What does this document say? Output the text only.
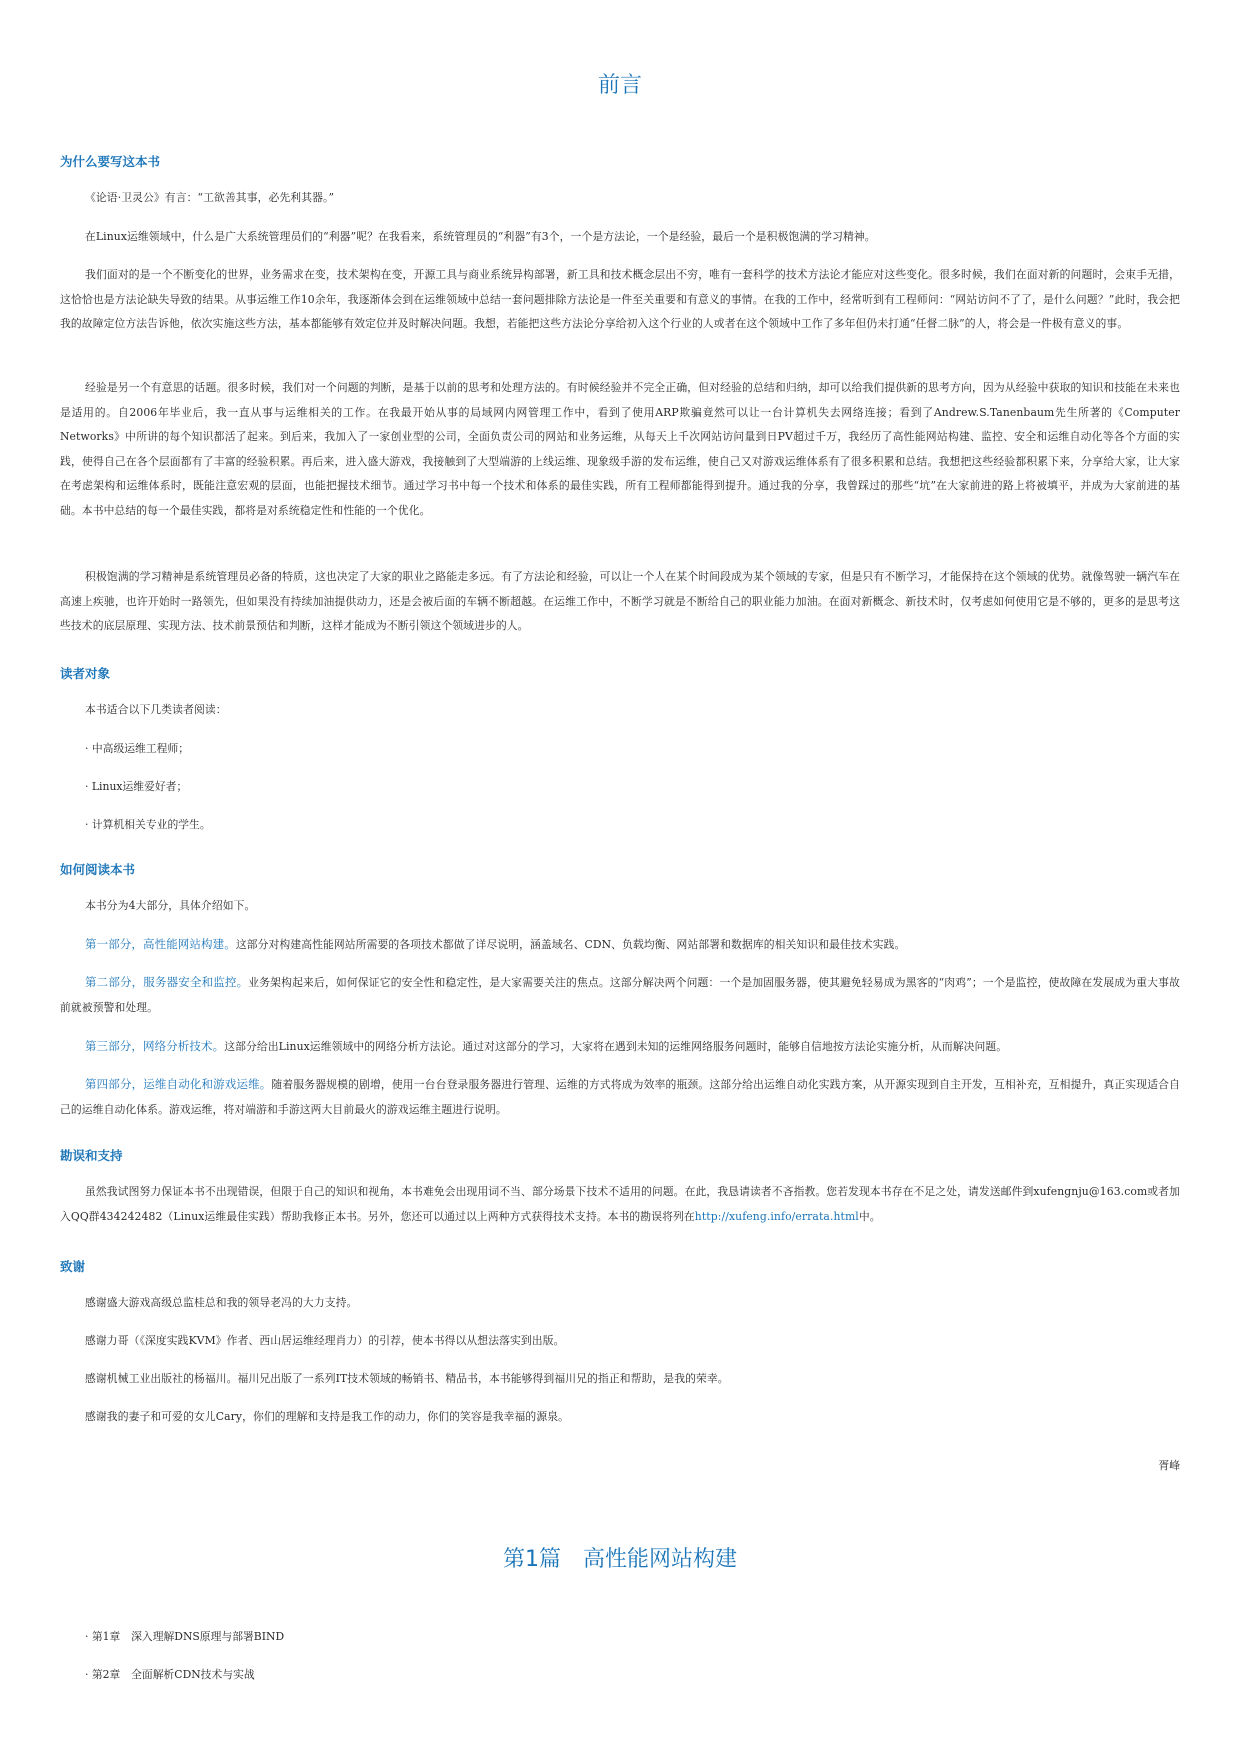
前言
为什么要写这本书

《论语·卫灵公》有言：“工欲善其事，必先利其器。”

在Linux运维领域中，什么是广大系统管理员们的“利器”呢？在我看来，系统管理员的“利器”有3个，一个是方法论，一个是经验，最后一个是积极饱满的学习精神。

我们面对的是一个不断变化的世界，业务需求在变，技术架构在变，开源工具与商业系统异构部署，新工具和技术概念层出不穷，唯有一套科学的技术方法论才能应对这些变化。很多时候，我们在面对新的问题时，会束手无措，这恰恰也是方法论缺失导致的结果。从事运维工作10余年，我逐渐体会到在运维领域中总结一套问题排除方法论是一件至关重要和有意义的事情。在我的工作中，经常听到有工程师问：“网站访问不了了，是什么问题？”此时，我会把我的故障定位方法告诉他，依次实施这些方法，基本都能够有效定位并及时解决问题。我想，若能把这些方法论分享给初入这个行业的人或者在这个领域中工作了多年但仍未打通“任督二脉”的人，将会是一件极有意义的事。

经验是另一个有意思的话题。很多时候，我们对一个问题的判断，是基于以前的思考和处理方法的。有时候经验并不完全正确，但对经验的总结和归纳，却可以给我们提供新的思考方向，因为从经验中获取的知识和技能在未来也是适用的。自2006年毕业后，我一直从事与运维相关的工作。在我最开始从事的局域网内网管理工作中，看到了使用ARP欺骗竟然可以让一台计算机失去网络连接；看到了Andrew.S.Tanenbaum先生所著的《Computer Networks》中所讲的每个知识都活了起来。到后来，我加入了一家创业型的公司，全面负责公司的网站和业务运维，从每天上千次网站访问量到日PV超过千万，我经历了高性能网站构建、监控、安全和运维自动化等各个方面的实践，使得自己在各个层面都有了丰富的经验积累。再后来，进入盛大游戏，我接触到了大型端游的上线运维、现象级手游的发布运维，使自己又对游戏运维体系有了很多积累和总结。我想把这些经验都积累下来，分享给大家，让大家在考虑架构和运维体系时，既能注意宏观的层面，也能把握技术细节。通过学习书中每一个技术和体系的最佳实践，所有工程师都能得到提升。通过我的分享，我曾踩过的那些“坑”在大家前进的路上将被填平，并成为大家前进的基础。本书中总结的每一个最佳实践，都将是对系统稳定性和性能的一个优化。

积极饱满的学习精神是系统管理员必备的特质，这也决定了大家的职业之路能走多远。有了方法论和经验，可以让一个人在某个时间段成为某个领域的专家，但是只有不断学习，才能保持在这个领域的优势。就像驾驶一辆汽车在高速上疾驰，也许开始时一路领先，但如果没有持续加油提供动力，还是会被后面的车辆不断超越。在运维工作中，不断学习就是不断给自己的职业能力加油。在面对新概念、新技术时，仅考虑如何使用它是不够的，更多的是思考这些技术的底层原理、实现方法、技术前景预估和判断，这样才能成为不断引领这个领域进步的人。

读者对象

本书适合以下几类读者阅读：

· 中高级运维工程师；

· Linux运维爱好者；

· 计算机相关专业的学生。

如何阅读本书

本书分为4大部分，具体介绍如下。

第一部分，高性能网站构建。这部分对构建高性能网站所需要的各项技术都做了详尽说明，涵盖域名、CDN、负载均衡、网站部署和数据库的相关知识和最佳技术实践。

第二部分，服务器安全和监控。业务架构起来后，如何保证它的安全性和稳定性，是大家需要关注的焦点。这部分解决两个问题：一个是加固服务器，使其避免轻易成为黑客的“肉鸡”；一个是监控，使故障在发展成为重大事故前就被预警和处理。

第三部分，网络分析技术。这部分给出Linux运维领域中的网络分析方法论。通过对这部分的学习，大家将在遇到未知的运维网络服务问题时，能够自信地按方法论实施分析，从而解决问题。

第四部分，运维自动化和游戏运维。随着服务器规模的剧增，使用一台台登录服务器进行管理、运维的方式将成为效率的瓶颈。这部分给出运维自动化实践方案，从开源实现到自主开发，互相补充，互相提升，真正实现适合自己的运维自动化体系。游戏运维，将对端游和手游这两大目前最火的游戏运维主题进行说明。

勘误和支持

虽然我试图努力保证本书不出现错误，但限于自己的知识和视角，本书难免会出现用词不当、部分场景下技术不适用的问题。在此，我恳请读者不吝指教。您若发现本书存在不足之处，请发送邮件到xufengnju@163.com或者加入QQ群434242482（Linux运维最佳实践）帮助我修正本书。另外，您还可以通过以上两种方式获得技术支持。本书的勘误将列在http://xufeng.info/errata.html中。

致谢

感谢盛大游戏高级总监桂总和我的领导老冯的大力支持。

感谢力哥（《深度实践KVM》作者、西山居运维经理肖力）的引荐，使本书得以从想法落实到出版。

感谢机械工业出版社的杨福川。福川兄出版了一系列IT技术领域的畅销书、精品书，本书能够得到福川兄的指正和帮助，是我的荣幸。

感谢我的妻子和可爱的女儿Cary，你们的理解和支持是我工作的动力，你们的笑容是我幸福的源泉。

胥峰
第1篇　高性能网站构建

· 第1章　深入理解DNS原理与部署BIND

· 第2章　全面解析CDN技术与实战
